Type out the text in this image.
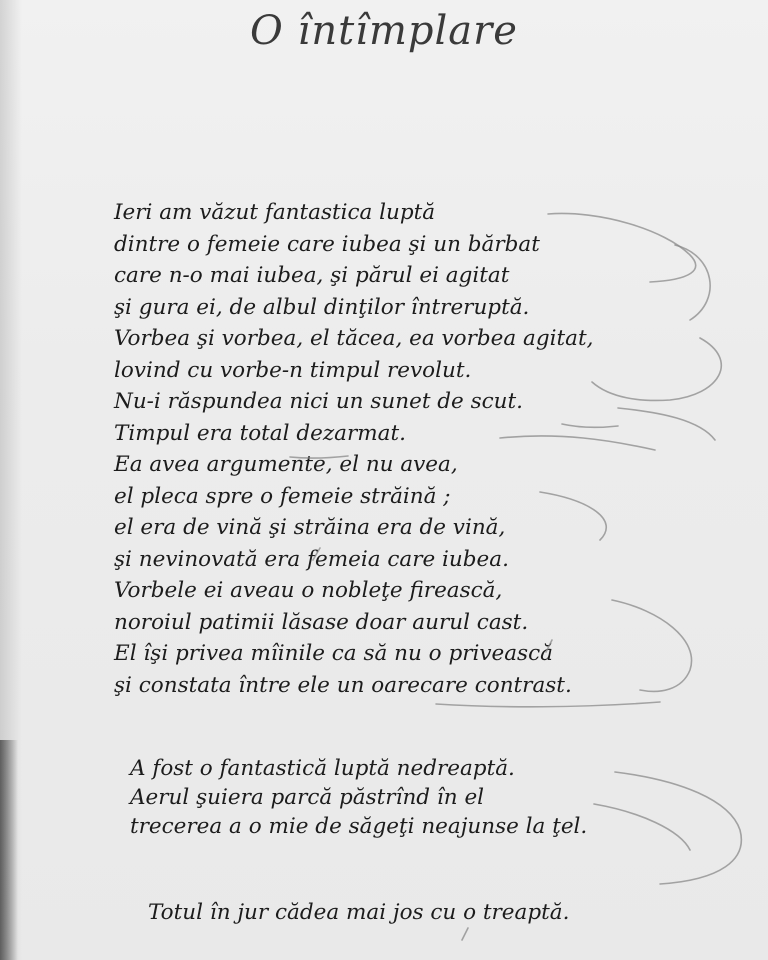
O întîmplare
Ieri am văzut fantastica luptă
dintre o femeie care iubea şi un bărbat
care n-o mai iubea, şi părul ei agitat
şi gura ei, de albul dinţilor întreruptă.
Vorbea şi vorbea, el tăcea, ea vorbea agitat,
lovind cu vorbe-n timpul revolut.
Nu-i răspundea nici un sunet de scut.
Timpul era total dezarmat.
Ea avea argumente, el nu avea,
el pleca spre o femeie străină ;
el era de vină şi străina era de vină,
şi nevinovată era femeia care iubea.
Vorbele ei aveau o nobleţe firească,
noroiul patimii lăsase doar aurul cast.
El îşi privea mîinile ca să nu o privească
şi constata între ele un oarecare contrast.
A fost o fantastică luptă nedreaptă.
Aerul şuiera parcă păstrînd în el
trecerea a o mie de săgeţi neajunse la ţel.
Totul în jur cădea mai jos cu o treaptă.
